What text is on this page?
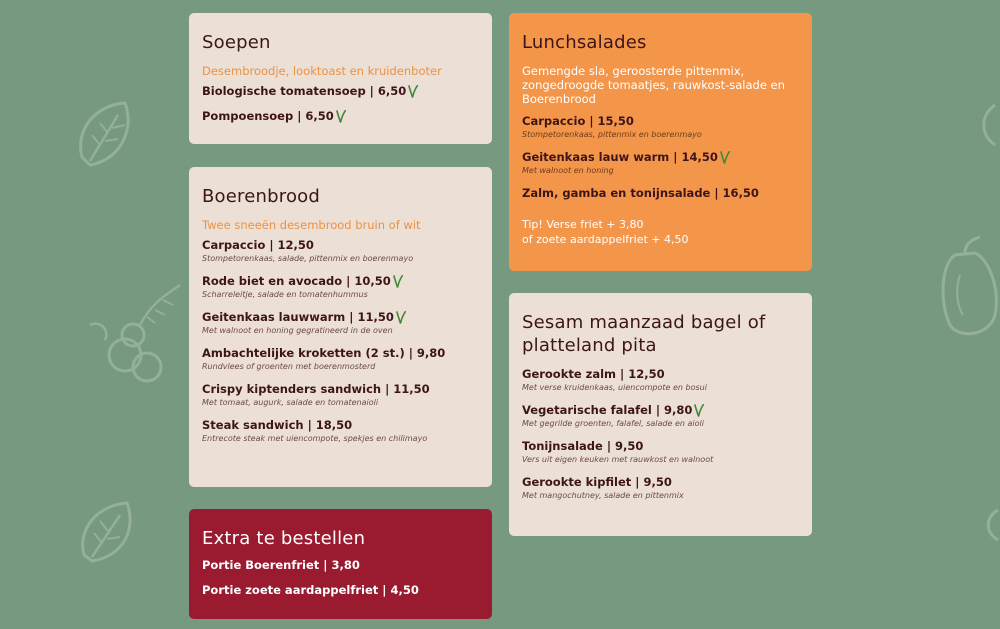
Soepen
Desembroodje, looktoast en kruidenboter
Biologische tomatensoep | 6,50
Pompoensoep | 6,50
Boerenbrood
Twee sneeën desembrood bruin of wit
Carpaccio | 12,50
Stompetorenkaas, salade, pittenmix en boerenmayo
Rode biet en avocado | 10,50
Scharreleitje, salade en tomatenhummus
Geitenkaas lauwwarm | 11,50
Met walnoot en honing gegratineerd in de oven
Ambachtelijke kroketten (2 st.) | 9,80
Rundvlees of groenten met boerenmosterd
Crispy kiptenders sandwich | 11,50
Met tomaat, augurk, salade en tomatenaioli
Steak sandwich | 18,50
Entrecote steak met uiencompote, spekjes en chilimayo
Extra te bestellen
Portie Boerenfriet | 3,80
Portie zoete aardappelfriet | 4,50
Lunchsalades
Gemengde sla, geroosterde pittenmix, zongedroogde tomaatjes, rauwkost-salade en Boerenbrood
Carpaccio | 15,50
Stompetorenkaas, pittenmix en boerenmayo
Geitenkaas lauw warm | 14,50
Met walnoot en honing
Zalm, gamba en tonijnsalade | 16,50
Tip! Verse friet + 3,80
of zoete aardappelfriet + 4,50
Sesam maanzaad bagel of platteland pita
Gerookte zalm | 12,50
Met verse kruidenkaas, uiencompote en bosui
Vegetarische falafel | 9,80
Met gegrilde groenten, falafel, salade en aioli
Tonijnsalade | 9,50
Vers uit eigen keuken met rauwkost en walnoot
Gerookte kipfilet | 9,50
Met mangochutney, salade en pittenmix
